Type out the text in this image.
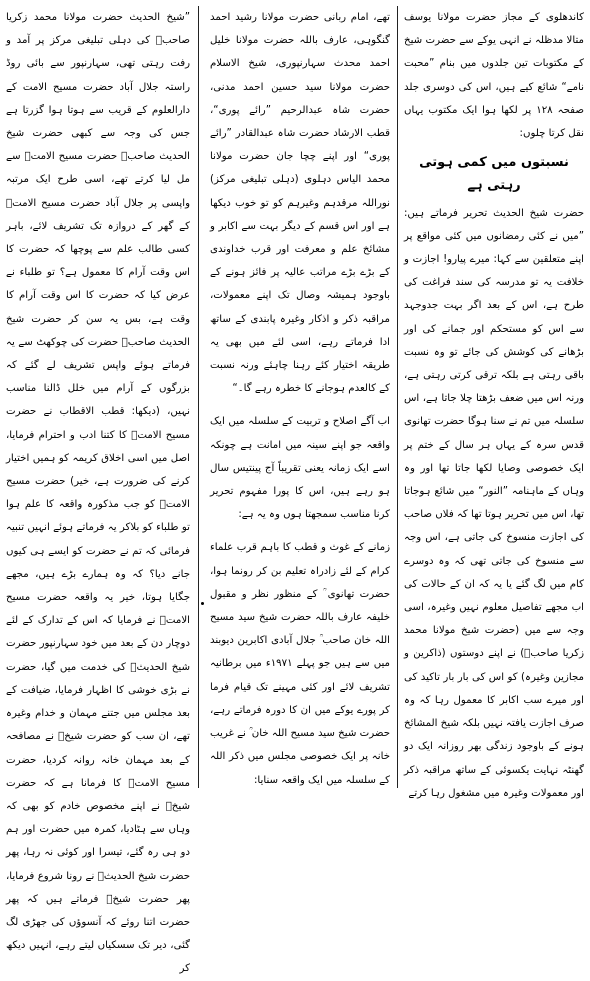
کاندھلوی کے مجاز حضرت مولانا یوسف متالا مدظلہ نے انہی یوکے سے حضرت شیخ کے مکتوبات تین جلدوں میں بنام ”محبت نامے“ شائع کیے ہیں، اس کی دوسری جلد صفحہ ۱۲۸ پر لکھا ہوا ایک مکتوب یہاں نقل کرتا چلوں:

نسبتوں میں کمی ہوتی رہتی ہے

حضرت شیخ الحدیث تحریر فرماتے ہیں: ”میں نے کئی رمضانوں میں کئی مواقع پر اپنے متعلقین سے کہا: میرے پیارو! اجازت و خلافت یہ تو مدرسہ کی سند فراغت کی طرح ہے، اس کے بعد اگر بہت جدوجہد سے اس کو مستحکم اور جمانے کی اور بڑھانے کی کوشش کی جائے تو وہ نسبت باقی رہتی ہے بلکہ ترقی کرتی رہتی ہے، ورنہ اس میں ضعف بڑھتا چلا جاتا ہے، اس سلسلہ میں تم نے سنا ہوگا حضرت تھانوی قدس سرہ کے یہاں ہر سال کے ختم پر ایک خصوصی وصایا لکھا جاتا تھا اور وہ وہاں کے ماہنامہ ”النور“ میں شائع ہوجاتا تھا، اس میں تحریر ہوتا تھا کہ فلاں صاحب کی اجازت منسوخ کی جاتی ہے، اس وجہ سے منسوخ کی جاتی تھی کہ وہ دوسرے کام میں لگ گئے یا یہ کہ ان کے حالات کی اب مجھے تفاصیل معلوم نہیں وغیرہ، اسی وجہ سے میں (حضرت شیخ مولانا محمد زکریا صاحبؒ) نے اپنے دوستوں (ذاکرین و مجازین وغیرہ) کو اس کی بار بار تاکید کی اور میرے سب اکابر کا معمول رہا کہ وہ صرف اجازت یافتہ نہیں بلکہ شیخ المشائخ ہونے کے باوجود زندگی بھر روزانہ ایک دو گھنٹہ نہایت یکسوئی کے ساتھ مراقبہ ذکر اور معمولات وغیرہ میں مشغول رہا کرتے

تھے، امام ربانی حضرت مولانا رشید احمد گنگوہی، عارف باللہ حضرت مولانا خلیل احمد محدث سہارنپوری، شیخ الاسلام حضرت مولانا سید حسین احمد مدنی، حضرت شاہ عبدالرحیم ”رائے پوری“، قطب الارشاد حضرت شاہ عبدالقادر ”رائے پوری“ اور اپنے چچا جان حضرت مولانا محمد الیاس دہلوی (دہلی تبلیغی مرکز) نوراللہ مرقدہم وغیرہم کو تو خوب دیکھا ہے اور اس قسم کے دیگر بہت سے اکابر و مشائخ علم و معرفت اور قرب خداوندی کے بڑے بڑے مراتب عالیہ پر فائز ہونے کے باوجود ہمیشہ وصال تک اپنے معمولات، مراقبہ ذکر و اذکار وغیرہ پابندی کے ساتھ ادا فرماتے رہے، اسی لئے میں بھی یہ طریقہ اختیار کئے رہنا چاہئے ورنہ نسبت کے کالعدم ہوجانے کا خطرہ رہے گا۔“

اب آگے اصلاح و تربیت کے سلسلہ میں ایک واقعہ جو اپنے سینہ میں امانت ہے چونکہ اسے ایک زمانہ یعنی تقریباً آج پینتیس سال ہو رہے ہیں، اس کا پورا مفہوم تحریر کرنا مناسب سمجھتا ہوں وہ یہ ہے:

زمانے کے غوث و قطب کا باہم قرب علماء کرام کے لئے زادراہ تعلیم بن کر رونما ہوا، حضرت تھانوی ؒ کے منظور نظر و مقبول خلیفہ عارف باللہ حضرت شیخ سید مسیح اللہ خان صاحب ؒ جلال آبادی اکابرین دیوبند میں سے ہیں جو پہلے ۱۹۷۱ء میں برطانیہ تشریف لائے اور کئی مہینے تک قیام فرما کر پورے یوکے میں ان کا دورہ فرماتے رہے، حضرت شیخ سید مسیح اللہ خان ؒ نے غریب خانہ پر ایک خصوصی مجلس میں ذکر اللہ کے سلسلہ میں ایک واقعہ سنایا:

”شیخ الحدیث حضرت مولانا محمد زکریا صاحبؒ کی دہلی تبلیغی مرکز پر آمد و رفت رہتی تھی، سہارنپور سے بائی روڈ راستہ جلال آباد حضرت مسیح الامت کے دارالعلوم کے قریب سے ہوتا ہوا گزرتا ہے جس کی وجہ سے کبھی حضرت شیخ الحدیث صاحبؒ حضرت مسیح الامتؒ سے مل لیا کرتے تھے، اسی طرح ایک مرتبہ واپسی پر جلال آباد حضرت مسیح الامتؒ کے گھر کے دروازہ تک تشریف لائے، باہر کسی طالب علم سے پوچھا کہ حضرت کا اس وقت آرام کا معمول ہے؟ تو طلباء نے عرض کیا کہ حضرت کا اس وقت آرام کا وقت ہے، بس یہ سن کر حضرت شیخ الحدیث صاحبؒ حضرت کی چوکھٹ سے یہ فرماتے ہوئے واپس تشریف لے گئے کہ بزرگوں کے آرام میں خلل ڈالنا مناسب نہیں، (دیکھا: قطب الاقطاب نے حضرت مسیح الامتؒ کا کتنا ادب و احترام فرمایا، اصل میں اسی اخلاق کریمہ کو ہمیں اختیار کرنے کی ضرورت ہے، خیر) حضرت مسیح الامتؒ کو جب مذکورہ واقعہ کا علم ہوا تو طلباء کو بلاکر یہ فرماتے ہوئے انہیں تنبیہ فرمائی کہ تم نے حضرت کو ایسے ہی کیوں جانے دیا؟ کہ وہ ہمارے بڑے ہیں، مجھے جگایا ہوتا، خیر یہ واقعہ حضرت مسیح الامتؒ نے فرمایا کہ اس کے تدارک کے لئے دوچار دن کے بعد میں خود سہارنپور حضرت شیخ الحدیثؒ کی خدمت میں گیا، حضرت نے بڑی خوشی کا اظہار فرمایا، ضیافت کے بعد مجلس میں جتنے مہمان و خدام وغیرہ تھے، ان سب کو حضرت شیخؒ نے مصافحہ کے بعد مہمان خانہ روانہ کردیا، حضرت مسیح الامتؒ کا فرمانا ہے کہ حضرت شیخؒ نے اپنے مخصوص خادم کو بھی کہ وہاں سے ہٹادیا، کمرہ میں حضرت اور ہم دو ہی رہ گئے، تیسرا اور کوئی نہ رہا، پھر حضرت شیخ الحدیثؒ نے رونا شروع فرمایا، پھر حضرت شیخؒ فرماتے ہیں کہ پھر حضرت اتنا روئے کہ آنسوؤں کی جھڑی لگ گئی، دیر تک سسکیاں لیتے رہے، انہیں دیکھ کر
